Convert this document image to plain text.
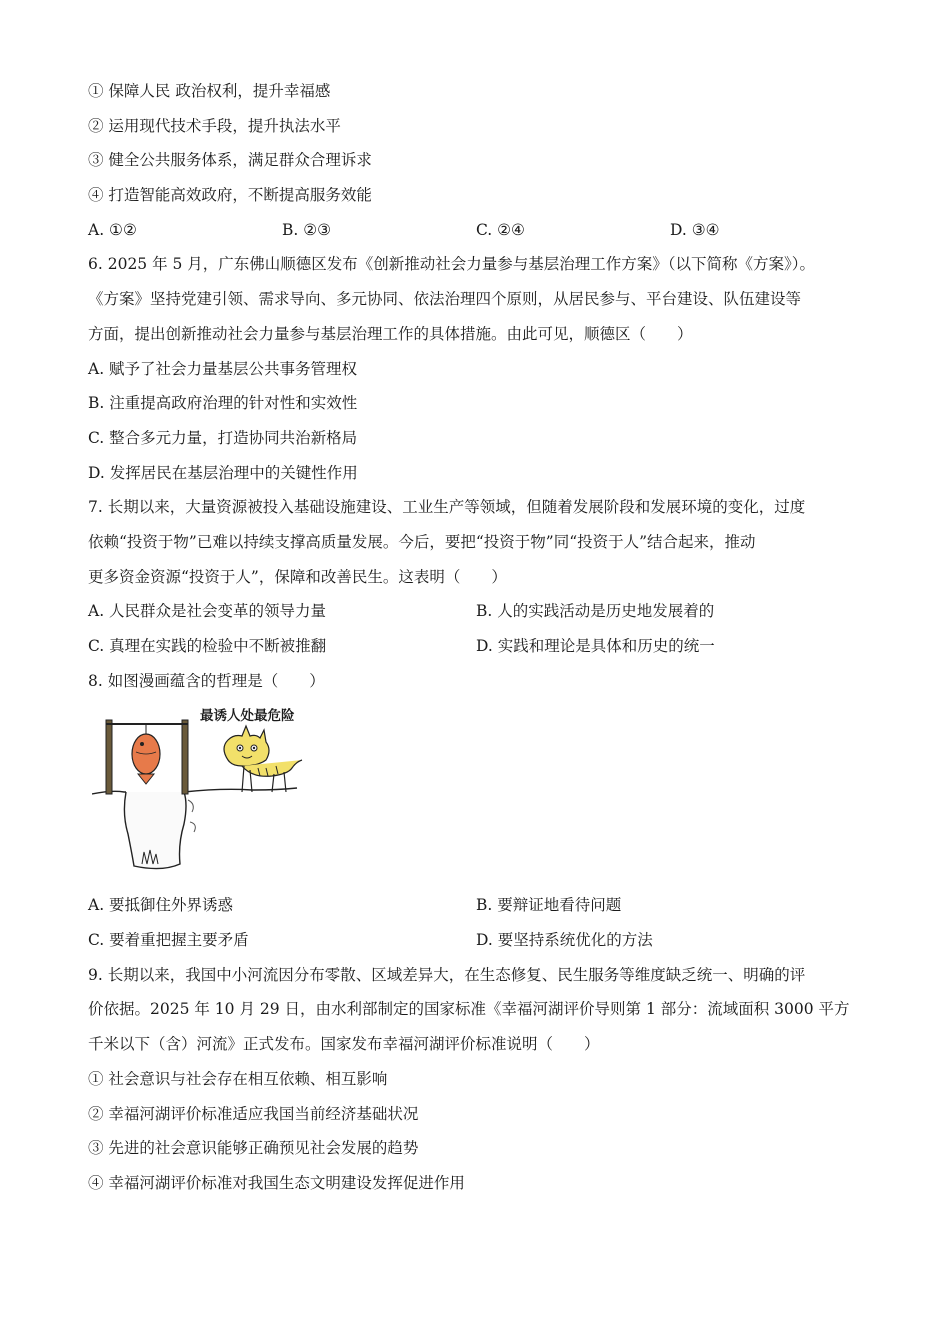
① 保障人民 政治权利，提升幸福感
② 运用现代技术手段，提升执法水平
③ 健全公共服务体系，满足群众合理诉求
④ 打造智能高效政府，不断提高服务效能
A. ①②	B. ②③	C. ②④	D. ③④
6. 2025 年 5 月，广东佛山顺德区发布《创新推动社会力量参与基层治理工作方案》（以下简称《方案》）。
《方案》坚持党建引领、需求导向、多元协同、依法治理四个原则，从居民参与、平台建设、队伍建设等
方面，提出创新推动社会力量参与基层治理工作的具体措施。由此可见，顺德区（　　）
A. 赋予了社会力量基层公共事务管理权
B. 注重提高政府治理的针对性和实效性
C. 整合多元力量，打造协同共治新格局
D. 发挥居民在基层治理中的关键性作用
7. 长期以来，大量资源被投入基础设施建设、工业生产等领域，但随着发展阶段和发展环境的变化，过度
依赖“投资于物”已难以持续支撑高质量发展。今后，要把“投资于物”同“投资于人”结合起来，推动
更多资金资源“投资于人”，保障和改善民生。这表明（　　）
A. 人民群众是社会变革的领导力量	B. 人的实践活动是历史地发展着的
C. 真理在实践的检验中不断被推翻	D. 实践和理论是具体和历史的统一
8. 如图漫画蕴含的哲理是（　　）
最诱人处最危险
A. 要抵御住外界诱惑	B. 要辩证地看待问题
C. 要着重把握主要矛盾	D. 要坚持系统优化的方法
9. 长期以来，我国中小河流因分布零散、区域差异大，在生态修复、民生服务等维度缺乏统一、明确的评
价依据。2025 年 10 月 29 日，由水利部制定的国家标准《幸福河湖评价导则第 1 部分：流域面积 3000 平方
千米以下（含）河流》正式发布。国家发布幸福河湖评价标准说明（　　）
① 社会意识与社会存在相互依赖、相互影响
② 幸福河湖评价标准适应我国当前经济基础状况
③ 先进的社会意识能够正确预见社会发展的趋势
④ 幸福河湖评价标准对我国生态文明建设发挥促进作用
